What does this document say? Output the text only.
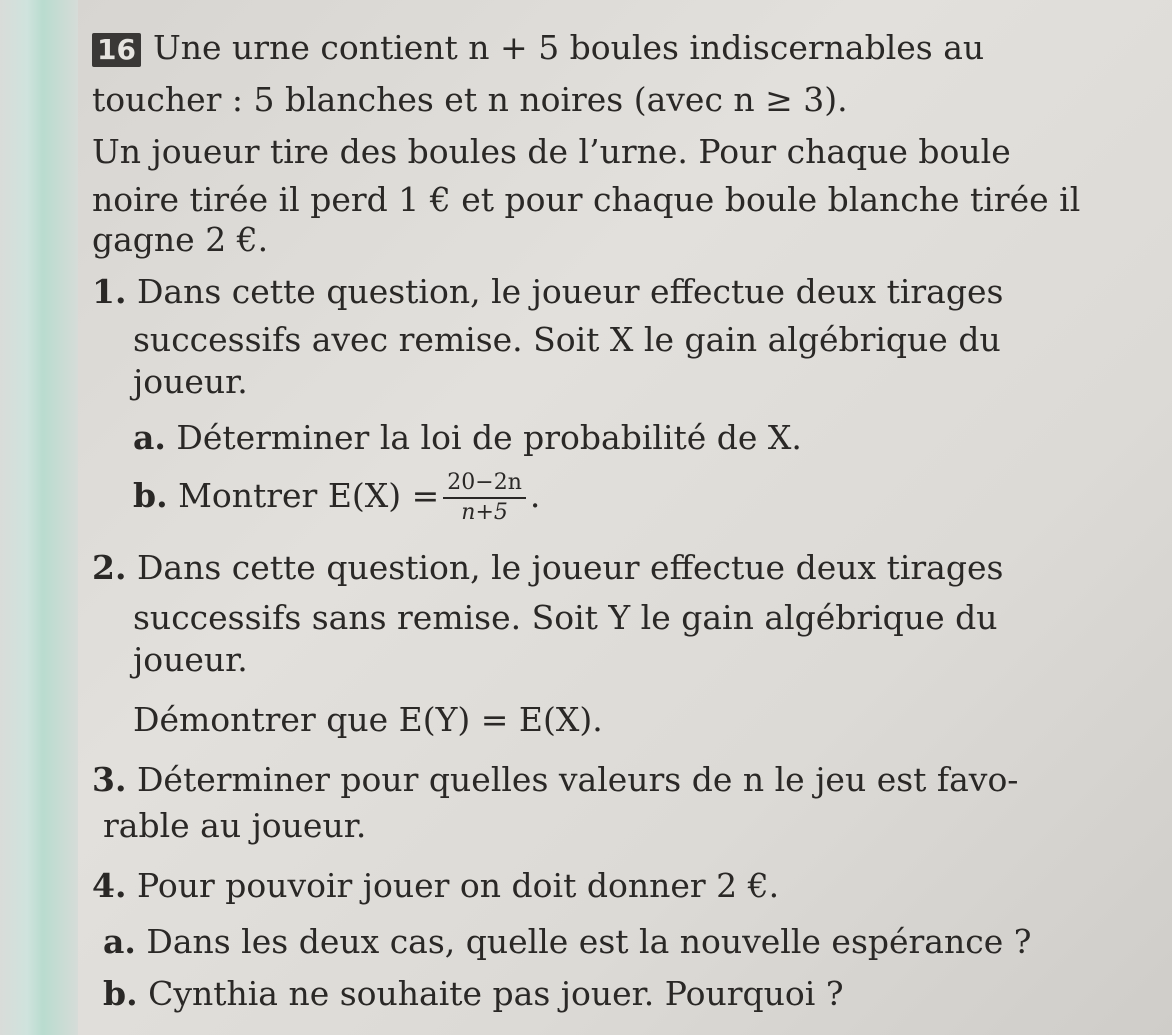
16 Une urne contient n + 5 boules indiscernables au
toucher : 5 blanches et n noires (avec n ≥ 3).
Un joueur tire des boules de l’urne. Pour chaque boule
noire tirée il perd 1 € et pour chaque boule blanche tirée il
gagne 2 €.
1. Dans cette question, le joueur effectue deux tirages
successifs avec remise. Soit X le gain algébrique du
joueur.
a. Déterminer la loi de probabilité de X.
b. Montrer $E(X) = \frac{20-2n}{n+5}$ .
2. Dans cette question, le joueur effectue deux tirages
successifs sans remise. Soit Y le gain algébrique du
joueur.
Démontrer que E(Y) = E(X).
3. Déterminer pour quelles valeurs de n le jeu est favo-
rable au joueur.
4. Pour pouvoir jouer on doit donner 2 €.
a. Dans les deux cas, quelle est la nouvelle espérance ?
b. Cynthia ne souhaite pas jouer. Pourquoi ?
